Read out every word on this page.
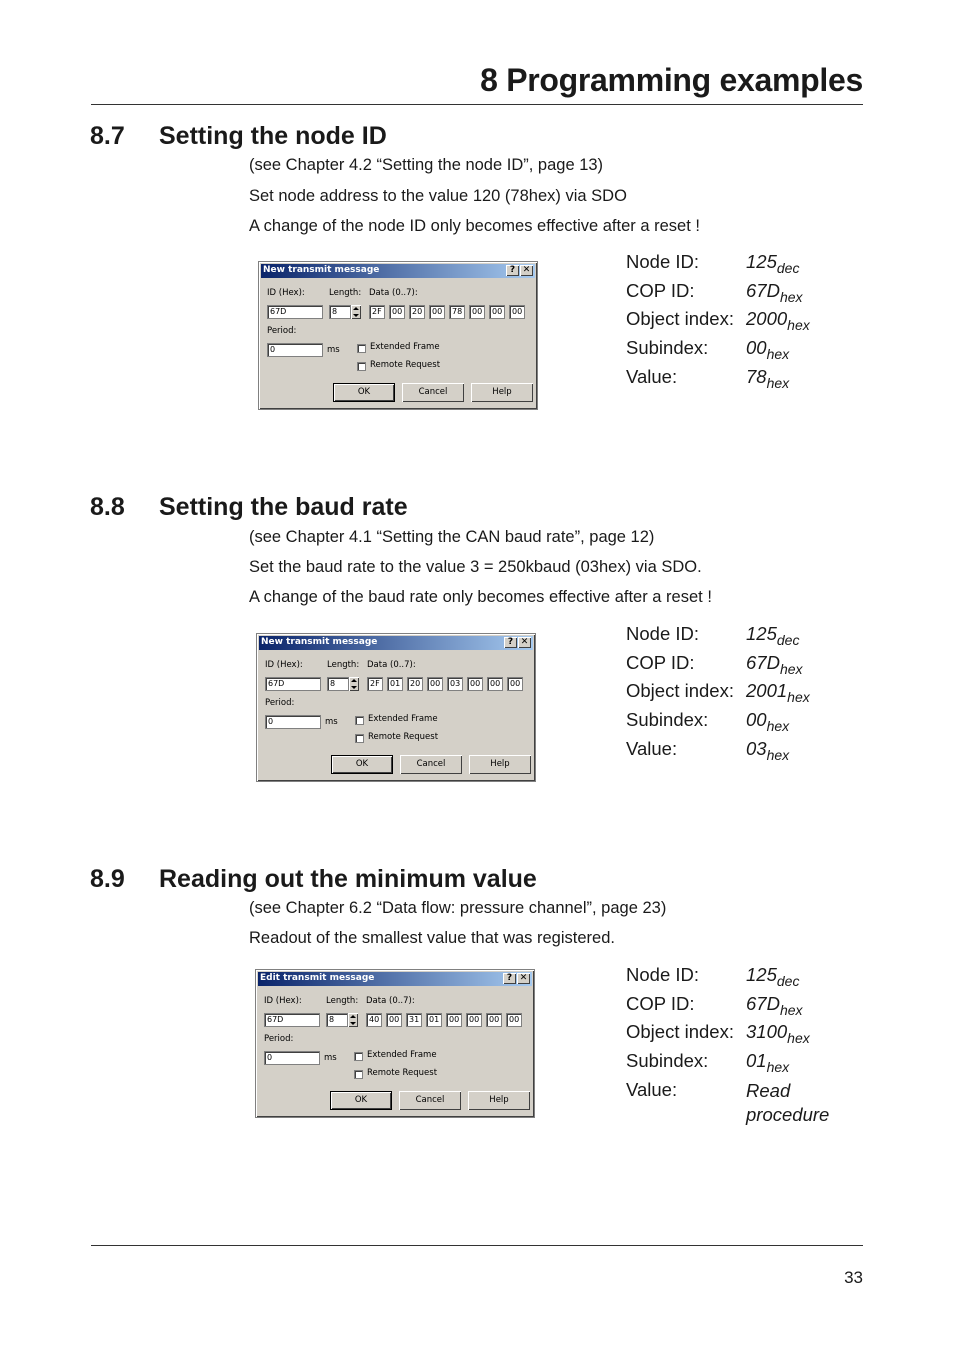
8 Programming examples
8.7 Setting the node ID
(see Chapter 4.2 “Setting the node ID”, page 13)
Set node address to the value 120 (78hex) via SDO
A change of the node ID only becomes effective after a reset !
New transmit message	? ✕
ID (Hex):	Length: Data (0..7):
67D	8	2F	00	20	00	78	00	00	00
Period:
0	ms	Extended Frame
Remote Request
OK	Cancel	Help
Node ID:	$125_{dec}$
COP ID:	$67D_{hex}$
Object index: $2000_{hex}$
Subindex: $00_{hex}$
Value:	$78_{hex}$
8.8 Setting the baud rate
(see Chapter 4.1 “Setting the CAN baud rate”, page 12)
Set the baud rate to the value 3 = 250kbaud (03hex) via SDO.
A change of the baud rate only becomes effective after a reset !
New transmit message	? ✕
ID (Hex):	Length: Data (0..7):
67D	8	2F	01	20	00	03	00	00	00
Period:
0	ms	Extended Frame
Remote Request
OK	Cancel	Help
Node ID:	$125_{dec}$
COP ID:	$67D_{hex}$
Object index: $2001_{hex}$
Subindex: $00_{hex}$
Value:	$03_{hex}$
8.9 Reading out the minimum value
(see Chapter 6.2 “Data flow: pressure channel”, page 23)
Readout of the smallest value that was registered.
Edit transmit message	? ✕
ID (Hex):	Length: Data (0..7):
67D	8	40	00	31	01	00	00	00	00
Period:
0	ms	Extended Frame
Remote Request
OK	Cancel	Help
Node ID:	$125_{dec}$
COP ID:	$67D_{hex}$
Object index: $3100_{hex}$
Subindex: $01_{hex}$
Value:	Read
procedure
33
